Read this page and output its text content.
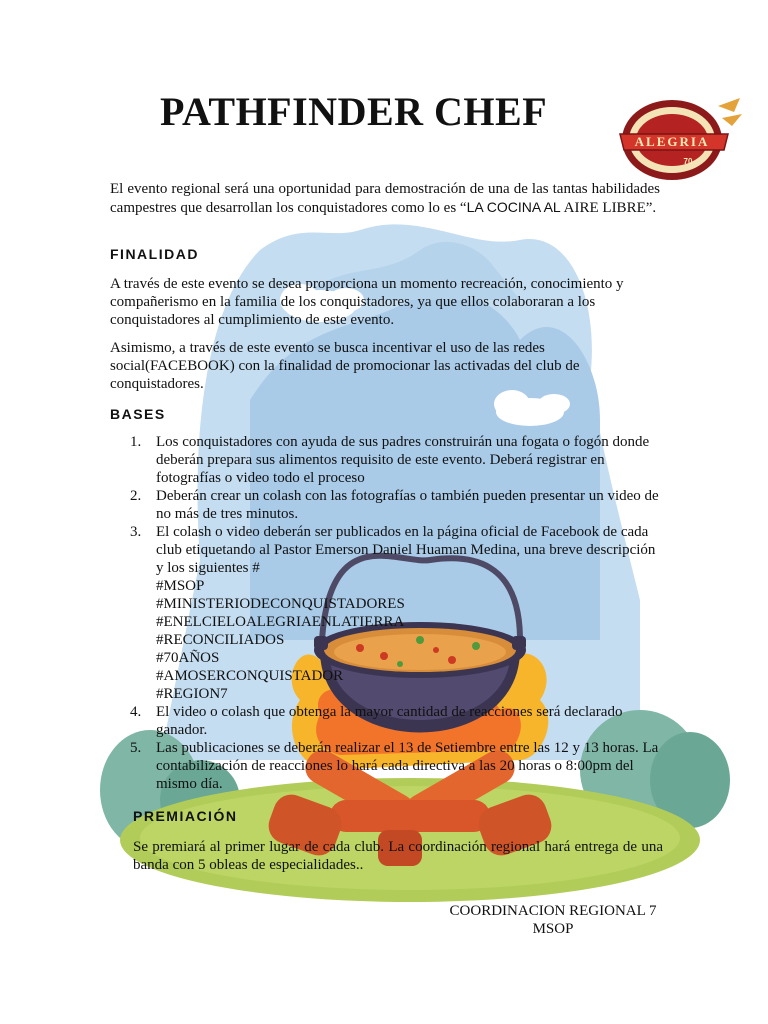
ALEGRIA
70
PATHFINDER CHEF

El evento regional será una oportunidad para demostración de una de las tantas habilidades campestres que desarrollan los conquistadores como lo es “LA COCINA AL AIRE LIBRE”.

FINALIDAD

A través de este evento se desea proporciona un momento recreación, conocimiento y compañerismo en la familia de los conquistadores, ya que ellos colaboraran a los conquistadores al cumplimiento de este evento.

Asimismo, a través de este evento se busca incentivar el uso de las redes social(FACEBOOK) con la finalidad de promocionar las activadas del club de conquistadores.

BASES

1. Los conquistadores con ayuda de sus padres construirán una fogata o fogón donde deberán prepara sus alimentos requisito de este evento. Deberá registrar en fotografías o video todo el proceso
2. Deberán crear un colash con las fotografías o también pueden presentar un video de no más de tres minutos.
3. El colash o video deberán ser publicados en la página oficial de Facebook de cada club etiquetando al Pastor Emerson Daniel Huaman Medina, una breve descripción y los siguientes #
#MSOP
#MINISTERIODECONQUISTADORES
#ENELCIELOALEGRIAENLATIERRA
#RECONCILIADOS
#70AÑOS
#AMOSERCONQUISTADOR
#REGION7
4. El video o colash que obtenga la mayor cantidad de reacciones será declarado ganador.
5. Las publicaciones se deberán realizar el 13 de Setiembre entre las 12 y 13 horas. La contabilización de reacciones lo hará cada directiva a las 20 horas o 8:00pm del mismo día.

PREMIACIÓN

Se premiará al primer lugar de cada club. La coordinación regional hará entrega de una banda con 5 obleas de especialidades..

COORDINACION REGIONAL 7
MSOP
